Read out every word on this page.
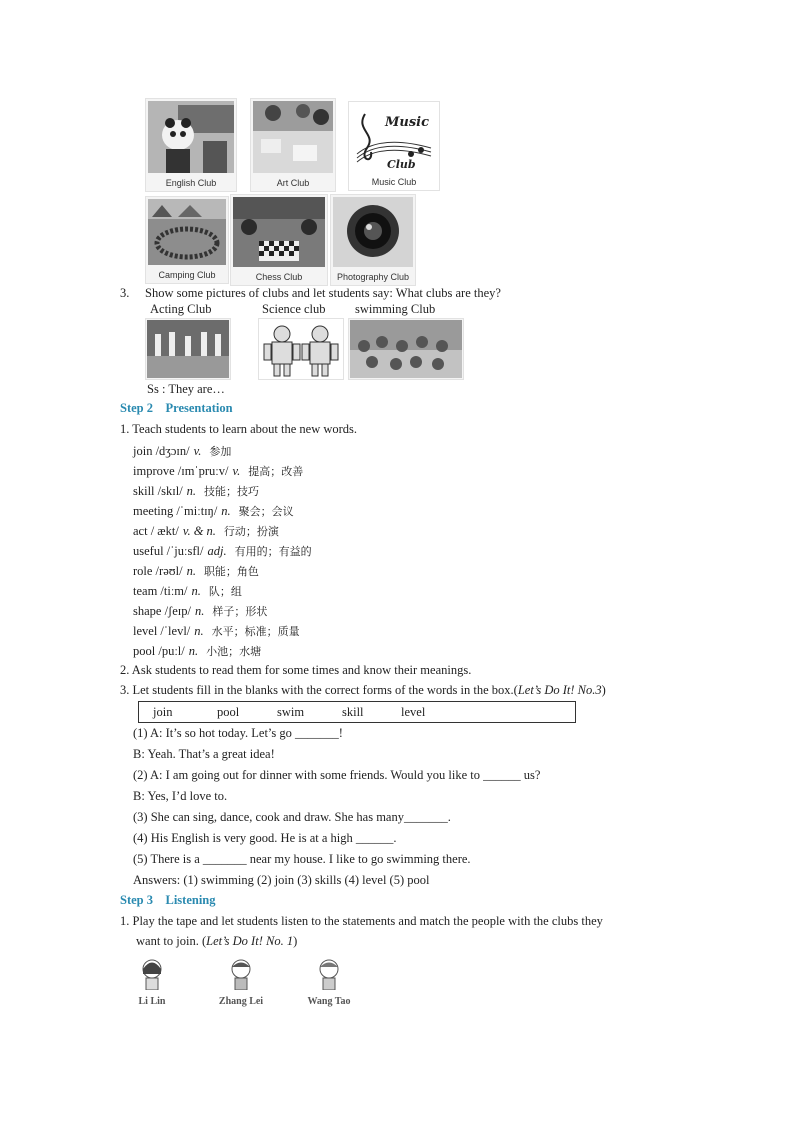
English Club	Art Club
Music
Club
Music Club
Camping Club	Chess Club	Photography Club
3. Show some pictures of clubs and let students say: What clubs are they?
Acting Club	Science club swimming Club
Ss : They are…
Step 2    Presentation
1. Teach students to learn about the new words.
join /dʒɔɪn/ v. 参加
improve /ɪmˈpruːv/ v. 提高；改善
skill /skɪl/ n. 技能；技巧
meeting /ˈmiːtɪŋ/ n. 聚会；会议
act / ækt/ v. & n. 行动；扮演
useful /ˈjuːsfl/ adj. 有用的；有益的
role /rəʊl/ n. 职能；角色
team /tiːm/ n. 队；组
shape /ʃeɪp/ n. 样子；形状
level /ˈlevl/ n. 水平；标准；质量
pool /puːl/ n. 小池；水塘
2. Ask students to read them for some times and know their meanings.
3. Let students fill in the blanks with the correct forms of the words in the box.(Let’s Do It! No.3)
join	pool	swim	skill	level
(1) A: It’s so hot today. Let’s go _______!
B: Yeah. That’s a great idea!
(2) A: I am going out for dinner with some friends. Would you like to ______ us?
B: Yes, I’d love to.
(3) She can sing, dance, cook and draw. She has many_______.
(4) His English is very good. He is at a high ______.
(5) There is a _______ near my house. I like to go swimming there.
Answers: (1) swimming (2) join (3) skills (4) level (5) pool
Step 3    Listening
1. Play the tape and let students listen to the statements and match the people with the clubs they
want to join. (Let’s Do It! No. 1)
Li Lin	Zhang Lei	Wang Tao
